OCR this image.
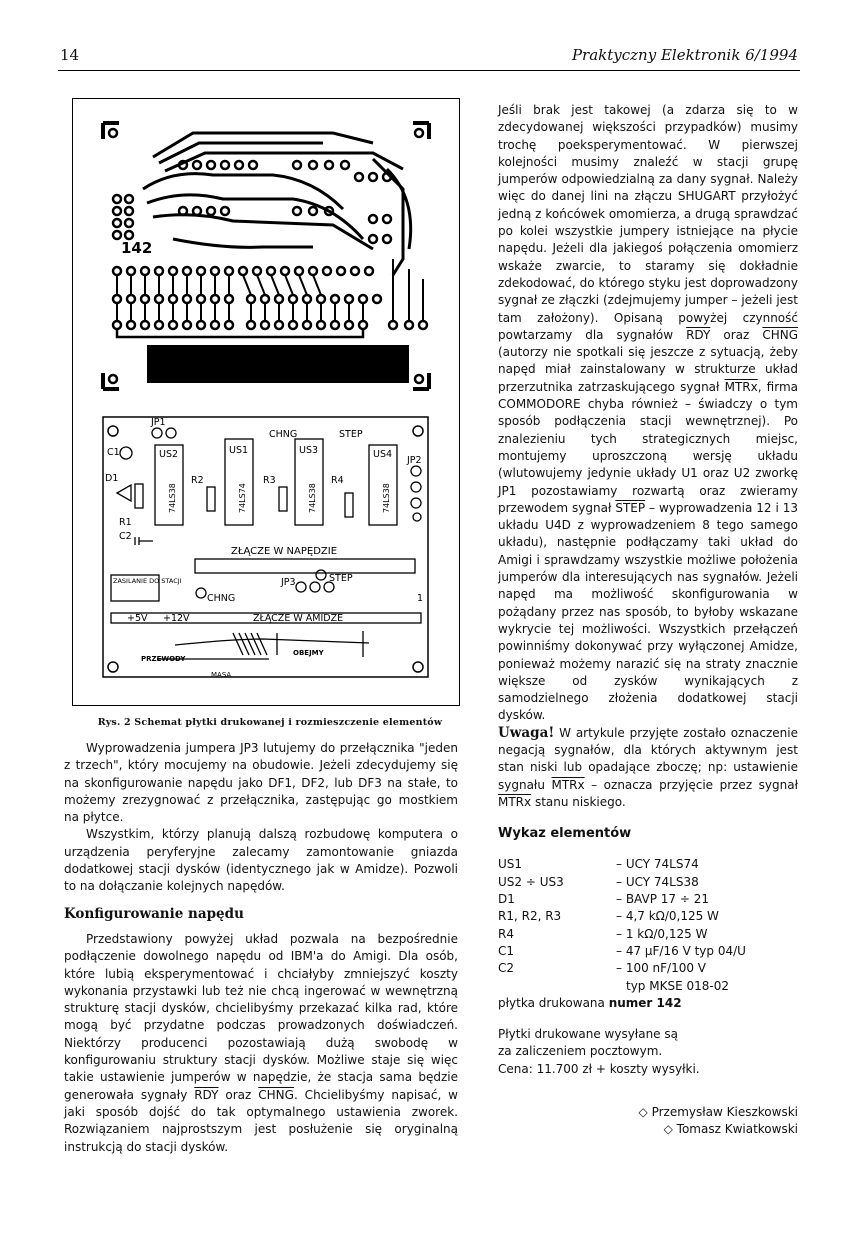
14	Praktyczny Elektronik 6/1994
142
JP1
CHNG	STEP
C1	US2	US1	US3	US4
JP2
D1	R2	R3	R4
R1
C2
ZŁĄCZE W NAPĘDZIE
JP3	STEP
CHNG	1
+5V +12V	ZŁĄCZE W AMIDZE
OBEJMY
MASA
PRZEWODY
ZASILANIE DO STACJI
74LS38	74LS74	74LS38	74LS38
Rys. 2 Schemat płytki drukowanej i rozmieszczenie elementów

Wyprowadzenia jumpera JP3 lutujemy do przełącznika "jeden z trzech", który mocujemy na obudowie. Jeżeli zdecydujemy się na skonfigurowanie napędu jako DF1, DF2, lub DF3 na stałe, to możemy zrezygnować z przełącznika, zastępując go mostkiem na płytce.

Wszystkim, którzy planują dalszą rozbudowę komputera o urządzenia peryferyjne zalecamy zamontowanie gniazda dodatkowej stacji dysków (identycznego jak w Amidze). Pozwoli to na dołączanie kolejnych napędów.

Konfigurowanie napędu

Przedstawiony powyżej układ pozwala na bezpośrednie podłączenie dowolnego napędu od IBM'a do Amigi. Dla osób, które lubią eksperymentować i chciałyby zmniejszyć koszty wykonania przystawki lub też nie chcą ingerować w wewnętrzną strukturę stacji dysków, chcielibyśmy przekazać kilka rad, które mogą być przydatne podczas prowadzonych doświadczeń. Niektórzy producenci pozostawiają dużą swobodę w konfigurowaniu struktury stacji dysków. Możliwe staje się więc takie ustawienie jumperów w napędzie, że stacja sama będzie generowała sygnały $\overline{RDY}$ oraz CHNG. Chcielibyśmy napisać, w jaki sposób dojść do tak optymalnego ustawienia zworek. Rozwiązaniem najprostszym jest posłużenie się oryginalną instrukcją do stacji dysków.

Jeśli brak jest takowej (a zdarza się to w zdecydowanej większości przypadków) musimy trochę poeksperymentować. W pierwszej kolejności musimy znaleźć w stacji grupę jumperów odpowiedzialną za dany sygnał. Należy więc do danej lini na złączu SHUGART przyłożyć jedną z końcówek omomierza, a drugą sprawdzać po kolei wszystkie jumpery istniejące na płycie napędu. Jeżeli dla jakiegoś połączenia omomierz wskaże zwarcie, to staramy się dokładnie zdekodować, do którego styku jest doprowadzony sygnał ze złączki (zdejmujemy jumper – jeżeli jest tam założony). Opisaną powyżej czynność powtarzamy dla sygnałów $\overline{RDY}$ oraz CHNG (autorzy nie spotkali się jeszcze z sytuacją, żeby napęd miał zainstalowany w strukturze układ przerzutnika zatrzaskującego sygnał MTRx, firma COMMODORE chyba również – świadczy o tym sposób podłączenia stacji wewnętrznej). Po znalezieniu tych strategicznych miejsc, montujemy uproszczoną wersję układu (wlutowujemy jedynie układy U1 oraz U2 zworkę JP1 pozostawiamy rozwartą oraz zwieramy przewodem sygnał STEP – wyprowadzenia 12 i 13 układu U4D z wyprowadzeniem 8 tego samego układu), następnie podłączamy taki układ do Amigi i sprawdzamy wszystkie możliwe położenia jumperów dla interesujących nas sygnałów. Jeżeli napęd ma możliwość skonfigurowania w pożądany przez nas sposób, to byłoby wskazane wykrycie tej możliwości. Wszystkich przełączeń powinniśmy dokonywać przy wyłączonej Amidze, ponieważ możemy narazić się na straty znacznie większe od zysków wynikających z samodzielnego złożenia dodatkowej stacji dysków.

Uwaga! W artykule przyjęte zostało oznaczenie negacją sygnałów, dla których aktywnym jest stan niski lub opadające zboczę; np: ustawienie sygnału MTRx – oznacza przyjęcie przez sygnał MTRx stanu niskiego.

Wykaz elementów
US1	– UCY 74LS74
US2 ÷ US3	– UCY 74LS38
D1	– BAVP 17 ÷ 21
R1, R2, R3	– 4,7 kΩ/0,125 W
R4	– 1 kΩ/0,125 W
C1	– 47 μF/16 V typ 04/U
C2	– 100 nF/100 V
	typ MKSE 018-02

płytka drukowana numer 142

Płytki drukowane wysyłane są

za zaliczeniem pocztowym.

Cena: 11.700 zł + koszty wysyłki.

◇ Przemysław Kieszkowski

◇ Tomasz Kwiatkowski
